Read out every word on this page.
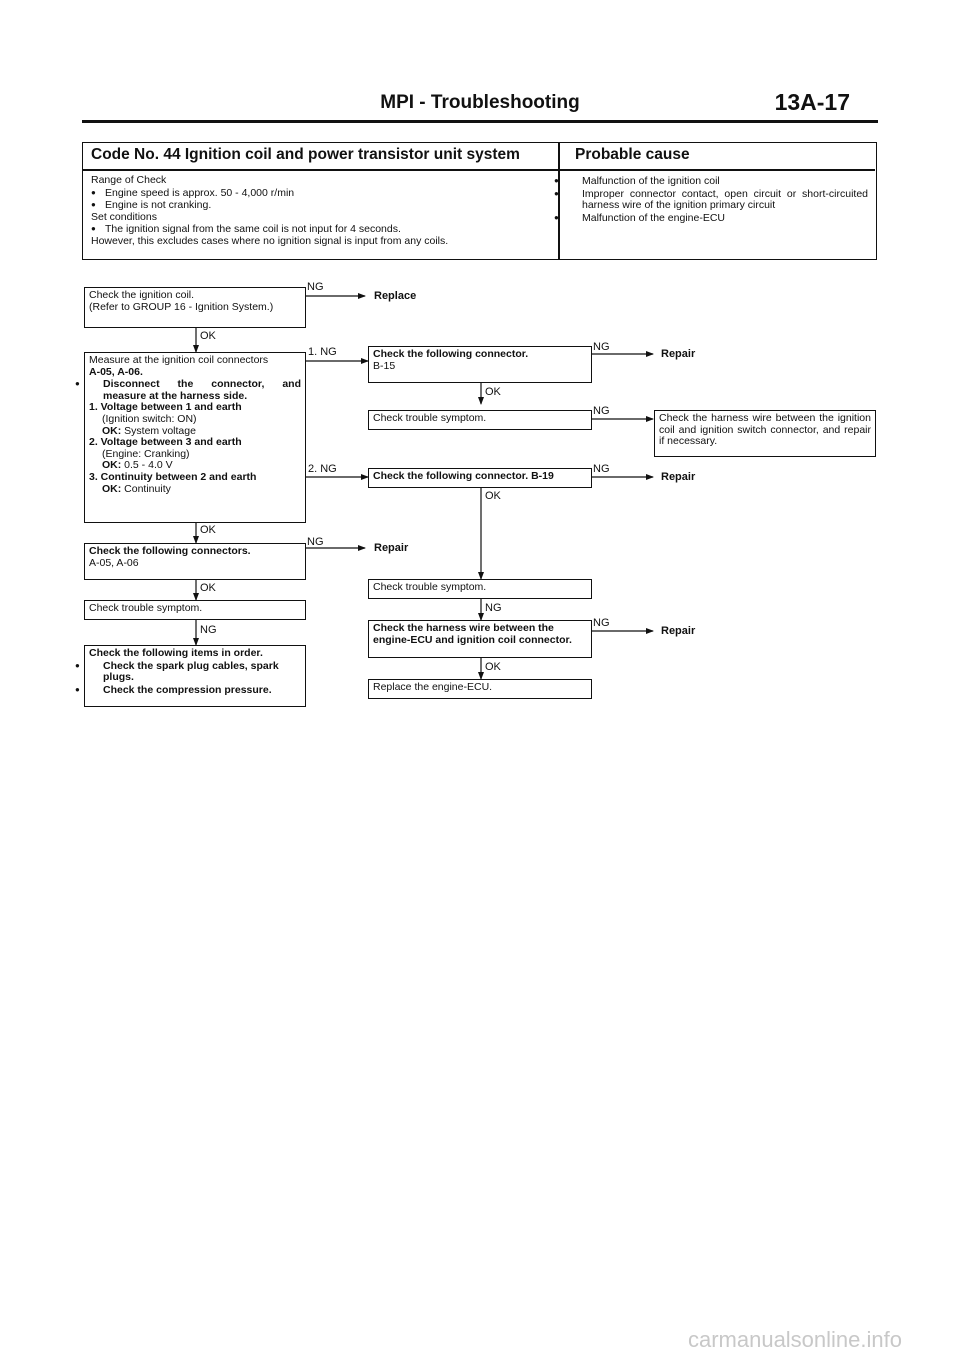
MPI - Troubleshooting	13A-17
Code No. 44 Ignition coil and power transistor unit system	Probable cause
Range of Check
● Engine speed is approx. 50 - 4,000 r/min
● Engine is not cranking.
Set conditions
● The ignition signal from the same coil is not input for 4 seconds.
However, this excludes cases where no ignition signal is input from any coils.
● Malfunction of the ignition coil
● Improper connector contact, open circuit or short-circuited harness wire of the ignition primary circuit
● Malfunction of the engine-ECU
Check the ignition coil.
(Refer to GROUP 16 - Ignition System.)
Measure at the ignition coil connectors
A-05, A-06.
● Disconnect the connector, and measure at the harness side.
1. Voltage between 1 and earth
(Ignition switch: ON)
OK: System voltage
2. Voltage between 3 and earth
(Engine: Cranking)
OK: 0.5 - 4.0 V
3. Continuity between 2 and earth
OK: Continuity
Check the following connectors.
A-05, A-06
Check trouble symptom.
Check the following items in order.
● Check the spark plug cables, spark plugs.
● Check the compression pressure.
Check the following connector.
B-15
Check trouble symptom.
Check the following connector. B-19
Check trouble symptom.
Check the harness wire between the engine-ECU and ignition coil connector.
Replace the engine-ECU.
Check the harness wire between the ignition coil and ignition switch connector, and repair if necessary.
NG
OK
1. NG
2. NG
OK
NG
OK
NG
NG
OK
NG
NG
OK
NG
NG
OK
Replace
Repair
Repair
Repair
Repair
carmanualsonline.info
